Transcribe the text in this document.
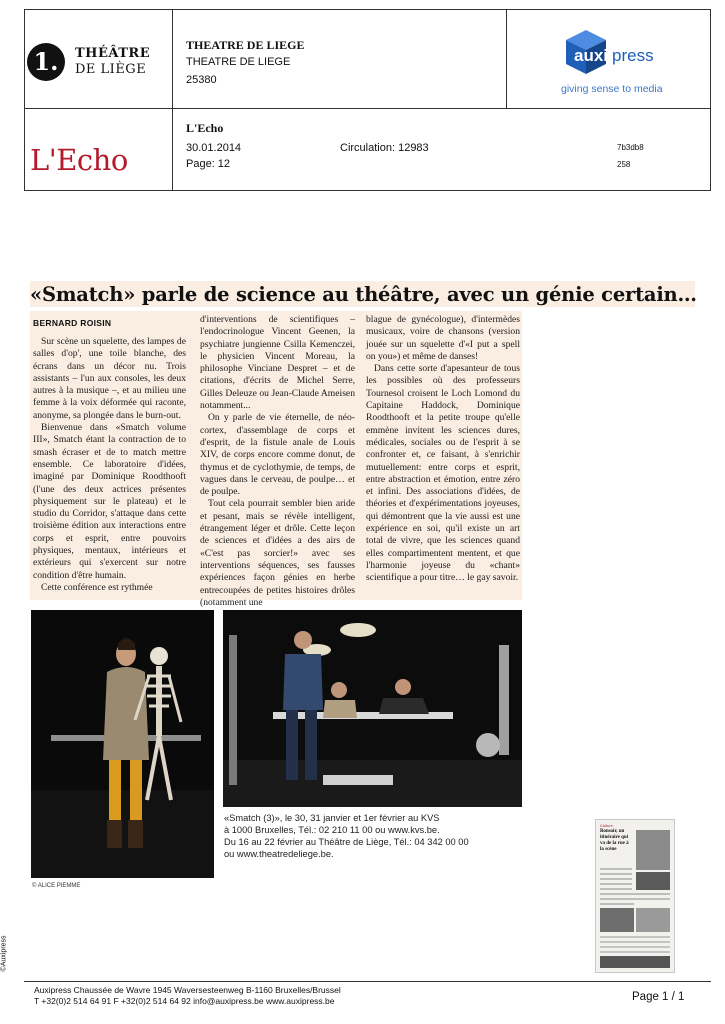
1.	THÉÂTRE
DE LIÈGE
THEATRE DE LIEGE
THEATRE DE LIEGE
25380
auxi press
giving sense to media
L'Echo
L'Echo
30.01.2014
Page: 12
Circulation: 12983	7b3db8
258
«Smatch» parle de science au théâtre, avec un génie certain…
BERNARD ROISIN

Sur scène un squelette, des lampes de salles d'op', une toile blanche, des écrans dans un décor nu. Trois assistants – l'un aux consoles, les deux autres à la musique –, et au milieu une femme à la voix déformée qui raconte, anonyme, sa plongée dans le burn-out.

Bienvenue dans «Smatch volume III», Smatch étant la contraction de to smash écraser et de to match mettre ensemble. Ce laboratoire d'idées, imaginé par Dominique Roodthooft (l'une des deux actrices présentes physiquement sur le plateau) et le studio du Corridor, s'attaque dans cette troisième édition aux interactions entre corps et esprit, entre pouvoirs physiques, mentaux, intérieurs et extérieurs qui s'exercent sur notre condition d'être humain.

Cette conférence est rythmée

d'interventions de scientifiques – l'endocrinologue Vincent Geenen, la psychiatre jungienne Csilla Kemenczei, le physicien Vincent Moreau, la philosophe Vinciane Despret – et de citations, d'écrits de Michel Serre, Gilles Deleuze ou Jean-Claude Ameisen notamment...

On y parle de vie éternelle, de néo-cortex, d'assemblage de corps et d'esprit, de la fistule anale de Louis XIV, de corps encore comme donut, de thymus et de cyclothymie, de temps, de vagues dans le cerveau, de poulpe… et de poulpe.

Tout cela pourrait sembler bien aride et pesant, mais se révèle intelligent, étrangement léger et drôle. Cette leçon de sciences et d'idées a des airs de «C'est pas sorcier!» avec ses interventions séquences, ses fausses expériences façon génies en herbe entrecoupées de petites histoires drôles (notamment une

blague de gynécologue), d'intermèdes musicaux, voire de chansons (version jouée sur un squelette d'«I put a spell on you») et même de danses!

Dans cette sorte d'apesanteur de tous les possibles où des professeurs Tournesol croisent le Loch Lomond du Capitaine Haddock, Dominique Roodthooft et la petite troupe qu'elle emmène invitent les sciences dures, médicales, sociales ou de l'esprit à se confronter et, ce faisant, à s'enrichir mutuellement: entre corps et esprit, entre abstraction et émotion, entre zéro et infini. Des associations d'idées, de théories et d'expérimentations joyeuses, qui démontrent que la vie aussi est une expérience en soi, qu'il existe un art total de vivre, que les sciences quand elles compartimentent mentent, et que l'harmonie joyeuse du «chant» scientifique a pour titre… le gay savoir.

© ALICE PIEMME
«Smatch (3)», le 30, 31 janvier et 1er février au KVS
à 1000 Bruxelles, Tél.: 02 210 11 00 ou www.kvs.be.
Du 16 au 22 février au Théâtre de Liège, Tél.: 04 342 00 00
ou www.theatredeliege.be.
Culture
Bonsoir, un itinéraire qui va de la rue à la scène
©Auxipress
Auxipress Chaussée de Wavre 1945 Waversesteenweg B-1160 Bruxelles/Brussel
T +32(0)2 514 64 91 F +32(0)2 514 64 92 info@auxipress.be www.auxipress.be	Page 1 / 1
